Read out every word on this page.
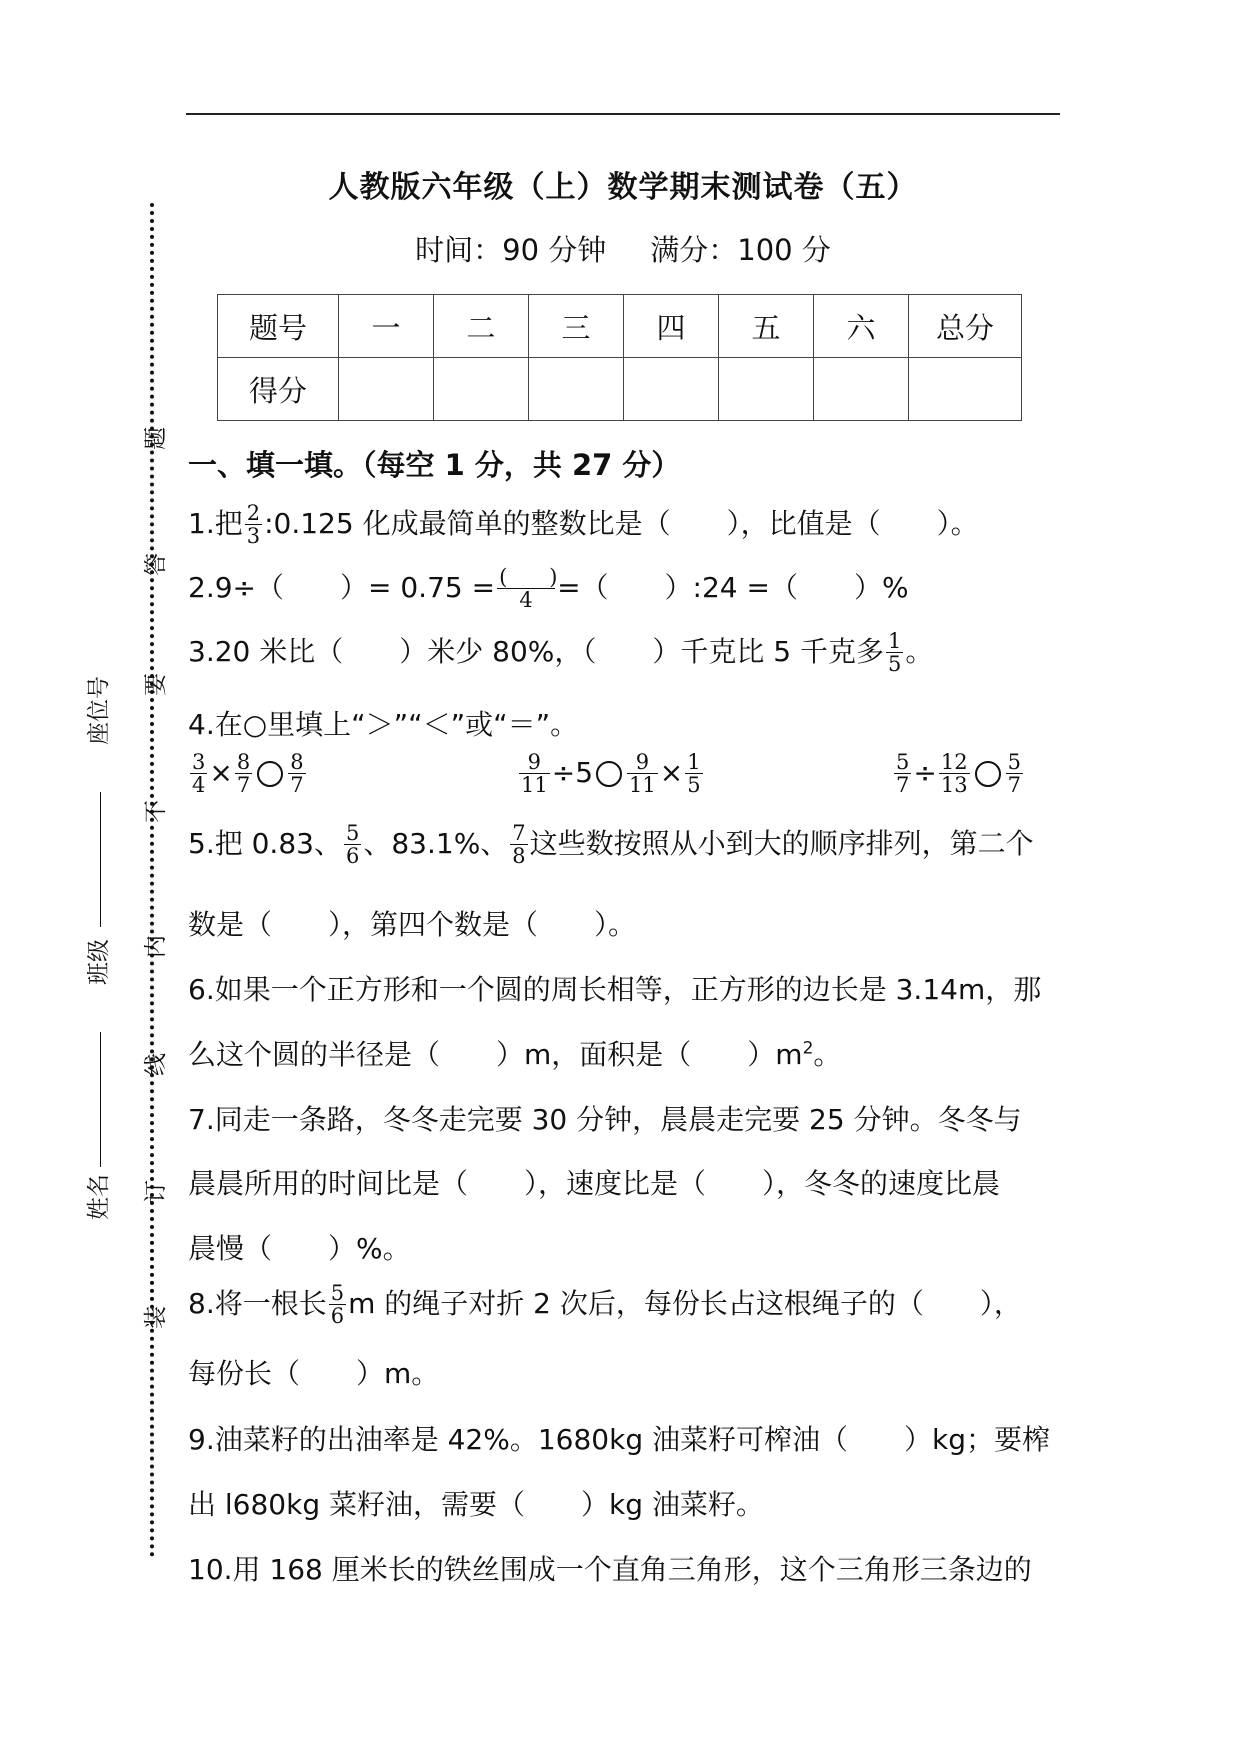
人教版六年级（上）数学期末测试卷（五）
时间：90 分钟 满分：100 分
题号	一	二	三	四	五	六	总分
得分							
题
答
要
不
内
线
订
装
座位号
班级
姓名
一、填一填。（每空 1 分，共 27 分）
1.把 $\frac{2}{3}$ :0.125 化成最简单的整数比是（　　），比值是（　　）。
2.9÷（　　）= $0.75 = \frac{( )}{4}$ =（　　）:24 =（　　）%
3.20 米比（　　）米少 80%，（　　）千克比 5 千克多 $\frac{1}{5}$ 。
4.在○里填上“＞”“＜”或“＝”。
$\frac{3}{4} \times \frac{8}{7} \frac{8}{7}$	$\frac{9}{11} \div 5 \frac{9}{11} \times \frac{1}{5}$	$\frac{5}{7} \div \frac{12}{13} \frac{5}{7}$
5.把 0.83、 $\frac{5}{6}$ 、83.1%、 $\frac{7}{8}$ 这些数按照从小到大的顺序排列，第二个
数是（　　），第四个数是（　　）。
6.如果一个正方形和一个圆的周长相等，正方形的边长是 3.14m，那
么这个圆的半径是（　　）m，面积是（　　）$m^2$。
7.同走一条路，冬冬走完要 30 分钟，晨晨走完要 25 分钟。冬冬与
晨晨所用的时间比是（　　），速度比是（　　），冬冬的速度比晨
晨慢（　　）%。
8.将一根长 $\frac{5}{6}$ m 的绳子对折 2 次后，每份长占这根绳子的（　　），
每份长（　　）m。
9.油菜籽的出油率是 42%。1680kg 油菜籽可榨油（　　）kg；要榨
出 l680kg 菜籽油，需要（　　）kg 油菜籽。
10.用 168 厘米长的铁丝围成一个直角三角形，这个三角形三条边的
